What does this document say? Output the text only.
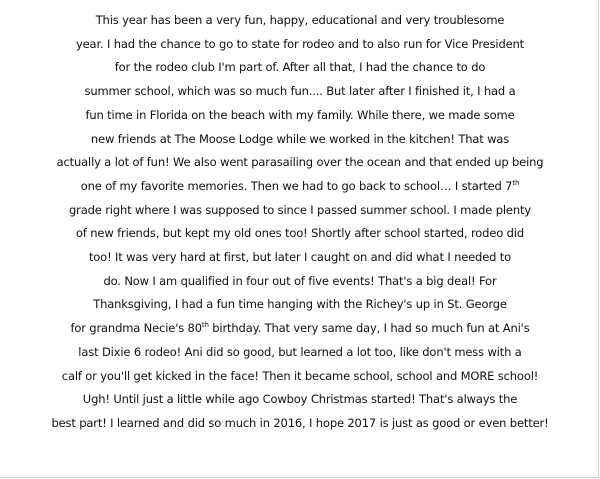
This year has been a very fun, happy, educational and very troublesome
year. I had the chance to go to state for rodeo and to also run for Vice President
for the rodeo club I'm part of. After all that, I had the chance to do
summer school, which was so much fun.... But later after I finished it, I had a
fun time in Florida on the beach with my family. While there, we made some
new friends at The Moose Lodge while we worked in the kitchen! That was
actually a lot of fun! We also went parasailing over the ocean and that ended up being
one of my favorite memories. Then we had to go back to school… I started 7th
grade right where I was supposed to since I passed summer school. I made plenty
of new friends, but kept my old ones too! Shortly after school started, rodeo did
too! It was very hard at first, but later I caught on and did what I needed to
do. Now I am qualified in four out of five events! That's a big deal! For
Thanksgiving, I had a fun time hanging with the Richey's up in St. George
for grandma Necie's 80th birthday. That very same day, I had so much fun at Ani's
last Dixie 6 rodeo! Ani did so good, but learned a lot too, like don't mess with a
calf or you'll get kicked in the face! Then it became school, school and MORE school!
Ugh! Until just a little while ago Cowboy Christmas started! That's always the
best part! I learned and did so much in 2016, I hope 2017 is just as good or even better!
